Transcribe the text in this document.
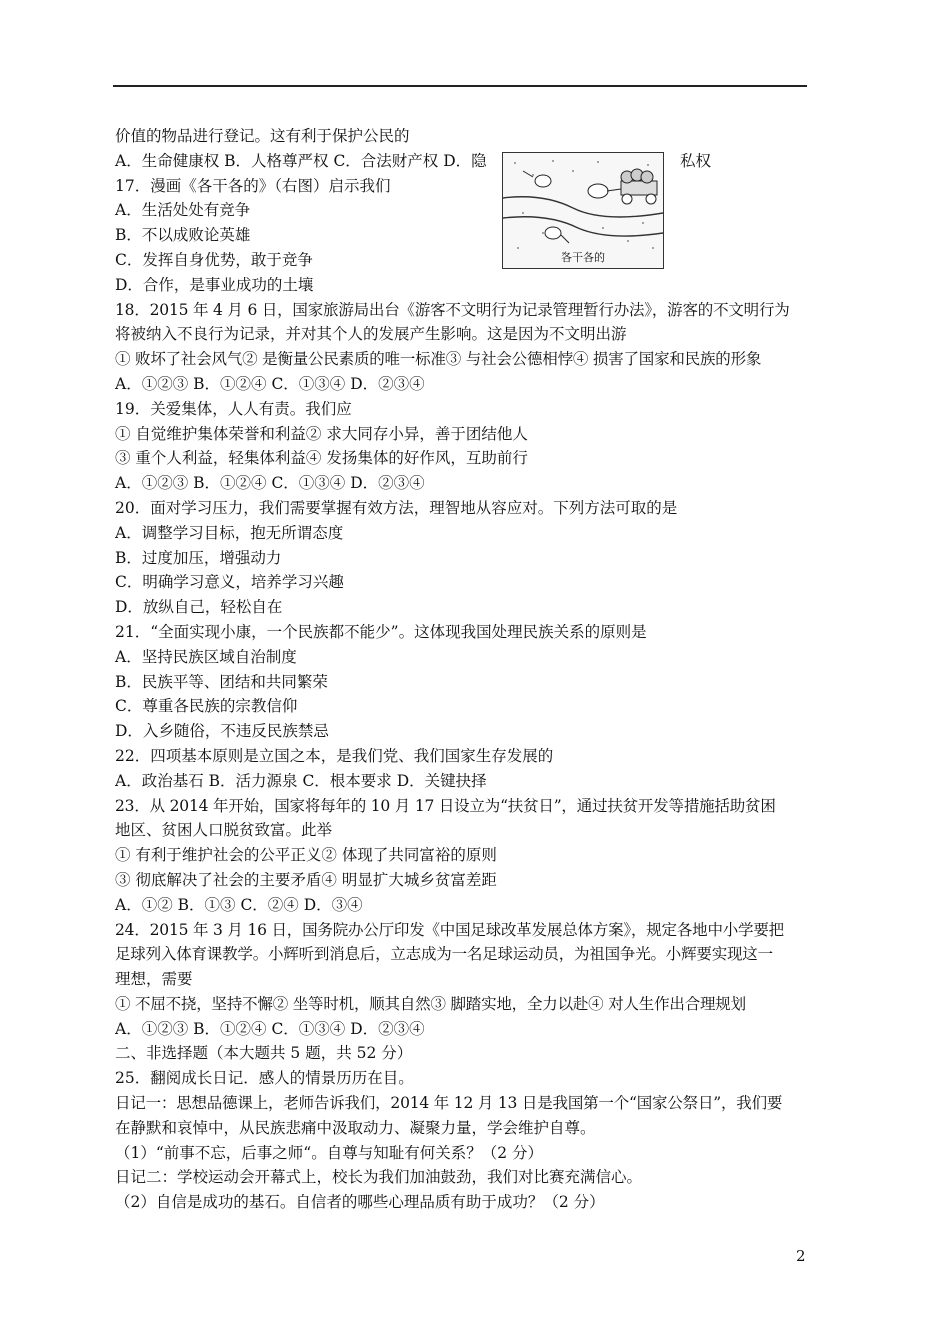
价值的物品进行登记。这有利于保护公民的
A．生命健康权 B．人格尊严权 C．合法财产权 D．隐
17．漫画《各干各的》（右图）启示我们
A．生活处处有竞争
B．不以成败论英雄
C．发挥自身优势，敢于竞争
D．合作，是事业成功的土壤
18．2015 年 4 月 6 日，国家旅游局出台《游客不文明行为记录管理暂行办法》，游客的不文明行为
将被纳入不良行为记录，并对其个人的发展产生影响。这是因为不文明出游
① 败坏了社会风气② 是衡量公民素质的唯一标准③ 与社会公德相悖④ 损害了国家和民族的形象
A．①②③ B．①②④ C．①③④ D．②③④
19．关爱集体，人人有责。我们应
① 自觉维护集体荣誉和利益② 求大同存小异，善于团结他人
③ 重个人利益，轻集体利益④ 发扬集体的好作风，互助前行
A．①②③ B．①②④ C．①③④ D．②③④
20．面对学习压力，我们需要掌握有效方法，理智地从容应对。下列方法可取的是
A．调整学习目标，抱无所谓态度
B．过度加压，增强动力
C．明确学习意义，培养学习兴趣
D．放纵自己，轻松自在
21．“全面实现小康，一个民族都不能少”。这体现我国处理民族关系的原则是
A．坚持民族区域自治制度
B．民族平等、团结和共同繁荣
C．尊重各民族的宗教信仰
D．入乡随俗，不违反民族禁忌
22．四项基本原则是立国之本，是我们党、我们国家生存发展的
A．政治基石 B．活力源泉 C．根本要求 D．关键抉择
23．从 2014 年开始，国家将每年的 10 月 17 日设立为“扶贫日”，通过扶贫开发等措施括助贫困
地区、贫困人口脱贫致富。此举
① 有利于维护社会的公平正义② 体现了共同富裕的原则
③ 彻底解决了社会的主要矛盾④ 明显扩大城乡贫富差距
A．①② B．①③ C．②④ D．③④
24．2015 年 3 月 16 日，国务院办公厅印发《中国足球改革发展总体方案》，规定各地中小学要把
足球列入体育课教学。小辉听到消息后，立志成为一名足球运动员，为祖国争光。小辉要实现这一
理想，需要
① 不屈不挠，坚持不懈② 坐等时机，顺其自然③ 脚踏实地，全力以赴④ 对人生作出合理规划
A．①②③ B．①②④ C．①③④ D．②③④
二、非选择题（本大题共 5 题，共 52 分）
25．翻阅成长日记．感人的情景历历在目。
日记一：思想品德课上，老师告诉我们，2014 年 12 月 13 日是我国第一个“国家公祭日”，我们要
在静默和哀悼中，从民族悲痛中汲取动力、凝聚力量，学会维护自尊。
（1）“前事不忘，后事之师“。自尊与知耻有何关系？（2 分）
日记二：学校运动会开幕式上，校长为我们加油鼓劲，我们对比赛充满信心。
（2）自信是成功的基石。自信者的哪些心理品质有助于成功？（2 分）
私权
各干各的
2
